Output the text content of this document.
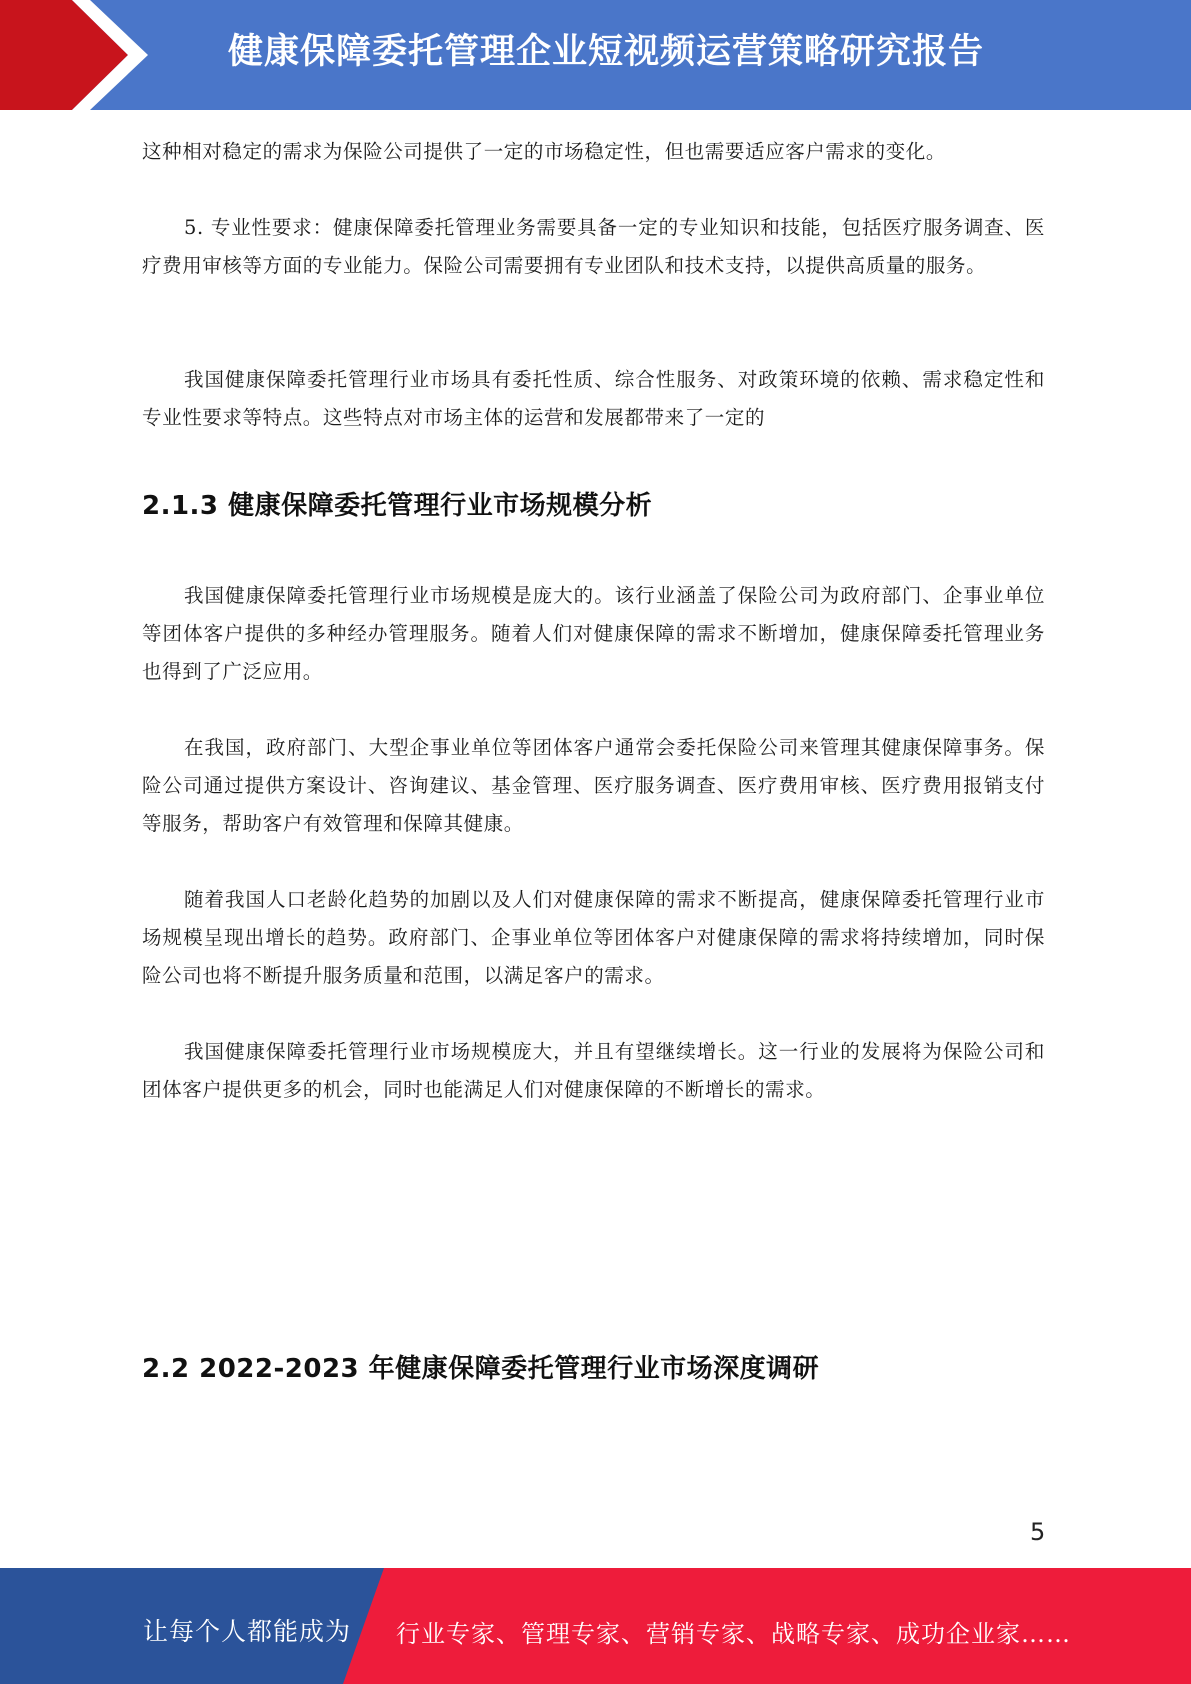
健康保障委托管理企业短视频运营策略研究报告

这种相对稳定的需求为保险公司提供了一定的市场稳定性，但也需要适应客户需求的变化。

5. 专业性要求：健康保障委托管理业务需要具备一定的专业知识和技能，包括医疗服务调查、医疗费用审核等方面的专业能力。保险公司需要拥有专业团队和技术支持，以提供高质量的服务。

我国健康保障委托管理行业市场具有委托性质、综合性服务、对政策环境的依赖、需求稳定性和专业性要求等特点。这些特点对市场主体的运营和发展都带来了一定的

2.1.3 健康保障委托管理行业市场规模分析

我国健康保障委托管理行业市场规模是庞大的。该行业涵盖了保险公司为政府部门、企事业单位等团体客户提供的多种经办管理服务。随着人们对健康保障的需求不断增加，健康保障委托管理业务也得到了广泛应用。

在我国，政府部门、大型企事业单位等团体客户通常会委托保险公司来管理其健康保障事务。保险公司通过提供方案设计、咨询建议、基金管理、医疗服务调查、医疗费用审核、医疗费用报销支付等服务，帮助客户有效管理和保障其健康。

随着我国人口老龄化趋势的加剧以及人们对健康保障的需求不断提高，健康保障委托管理行业市场规模呈现出增长的趋势。政府部门、企事业单位等团体客户对健康保障的需求将持续增加，同时保险公司也将不断提升服务质量和范围，以满足客户的需求。

我国健康保障委托管理行业市场规模庞大，并且有望继续增长。这一行业的发展将为保险公司和团体客户提供更多的机会，同时也能满足人们对健康保障的不断增长的需求。

2.2 2022-2023 年健康保障委托管理行业市场深度调研
5
让每个人都能成为 行业专家、管理专家、营销专家、战略专家、成功企业家……
